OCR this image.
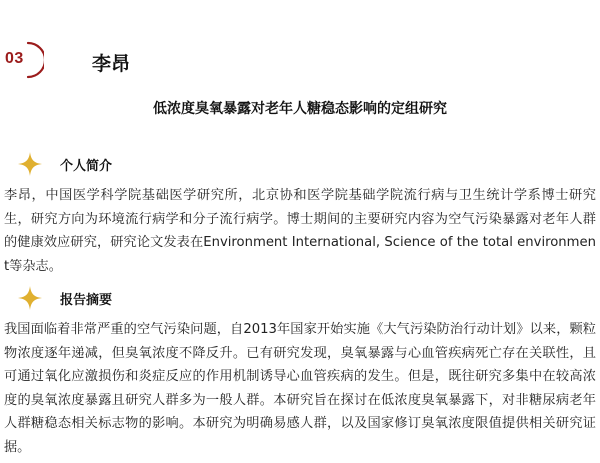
03	李昂
低浓度臭氧暴露对老年人糖稳态影响的定组研究
个人简介

李昂，中国医学科学院基础医学研究所，北京协和医学院基础学院流行病与卫生统计学系博士研究生，研究方向为环境流行病学和分子流行病学。博士期间的主要研究内容为空气污染暴露对老年人群的健康效应研究，研究论文发表在Environment International, Science of the total environment等杂志。

报告摘要

我国面临着非常严重的空气污染问题，自2013年国家开始实施《大气污染防治行动计划》以来，颗粒物浓度逐年递减，但臭氧浓度不降反升。已有研究发现，臭氧暴露与心血管疾病死亡存在关联性，且可通过氧化应激损伤和炎症反应的作用机制诱导心血管疾病的发生。但是，既往研究多集中在较高浓度的臭氧浓度暴露且研究人群多为一般人群。本研究旨在探讨在低浓度臭氧暴露下，对非糖尿病老年人群糖稳态相关标志物的影响。本研究为明确易感人群，以及国家修订臭氧浓度限值提供相关研究证据。
